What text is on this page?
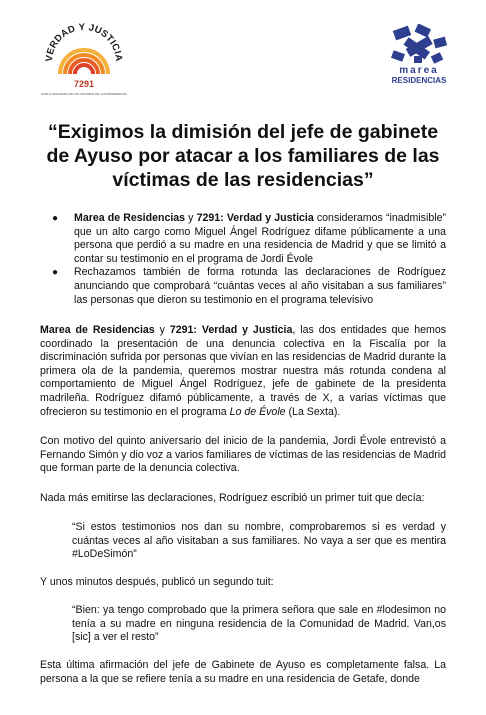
VERDAD Y JUSTICIA
7291
POR LA DIGNIDAD DE LAS VÍCTIMAS DE LAS RESIDENCIAS
marea
RESIDENCIAS
“Exigimos la dimisión del jefe de gabinete de Ayuso por atacar a los familiares de las víctimas de las residencias”
● Marea de Residencias y 7291: Verdad y Justicia consideramos “inadmisible” que un alto cargo como Miguel Ángel Rodríguez difame públicamente a una persona que perdió a su madre en una residencia de Madrid y que se limitó a contar su testimonio en el programa de Jordi Évole
● Rechazamos también de forma rotunda las declaraciones de Rodríguez anunciando que comprobará “cuántas veces al año visitaban a sus familiares” las personas que dieron su testimonio en el programa televisivo

Marea de Residencias y 7291: Verdad y Justicia, las dos entidades que hemos coordinado la presentación de una denuncia colectiva en la Fiscalía por la discriminación sufrida por personas que vivían en las residencias de Madrid durante la primera ola de la pandemia, queremos mostrar nuestra más rotunda condena al comportamiento de Miguel Ángel Rodríguez, jefe de gabinete de la presidenta madrileña. Rodríguez difamó públicamente, a través de X, a varias víctimas que ofrecieron su testimonio en el programa Lo de Évole (La Sexta).

Con motivo del quinto aniversario del inicio de la pandemia, Jordi Évole entrevistó a Fernando Simón y dio voz a varios familiares de víctimas de las residencias de Madrid que forman parte de la denuncia colectiva.

Nada más emitirse las declaraciones, Rodríguez escribió un primer tuit que decía:

“Si estos testimonios nos dan su nombre, comprobaremos si es verdad y cuántas veces al año visitaban a sus familiares. No vaya a ser que es mentira #LoDeSimón”

Y unos minutos después, publicó un segundo tuit:

“Bien: ya tengo comprobado que la primera señora que sale en #lodesimon no tenía a su madre en ninguna residencia de la Comunidad de Madrid. Van,os [sic] a ver el resto”

Esta última afirmación del jefe de Gabinete de Ayuso es completamente falsa. La persona a la que se refiere tenía a su madre en una residencia de Getafe, donde
